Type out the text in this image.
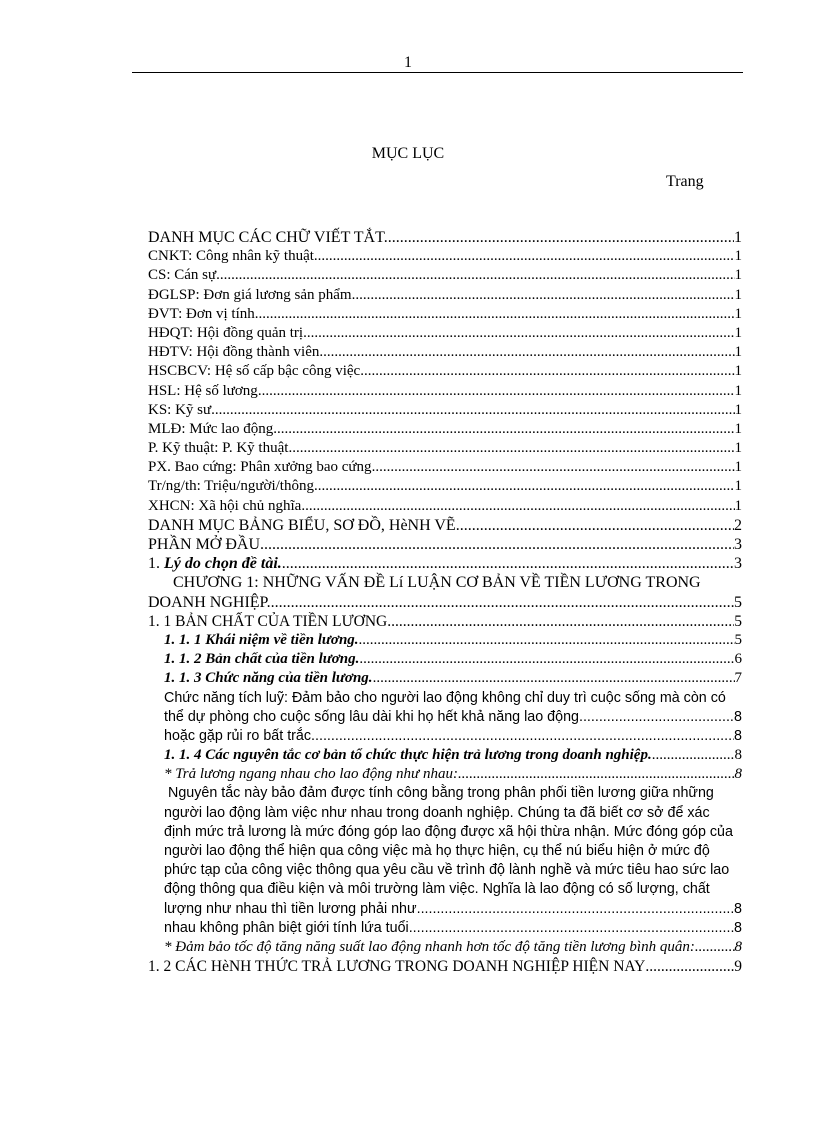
1
MỤC LỤC
Trang
DANH MỤC CÁC CHỮ VIẾT TẮT. .....	1
CNKT: Công nhân kỹ thuật .....	1
CS: Cán sự .....	1
ĐGLSP: Đơn giá lương sản phẩm .....	1
ĐVT: Đơn vị tính .....	1
HĐQT: Hội đồng quản trị .....	1
HĐTV: Hội đồng thành viên .....	1
HSCBCV: Hệ số cấp bậc công việc .....	1
HSL: Hệ số lương .....	1
KS: Kỹ sư .....	1
MLĐ: Mức lao động .....	1
P. Kỹ thuật: P. Kỹ thuật .....	1
PX. Bao cứng: Phân xưởng bao cứng .....	1
Tr/ng/th: Triệu/người/thông. .....	1
XHCN: Xã hội chủ nghĩa .....	1
DANH MỤC BẢNG BIỂU, SƠ ĐỒ, HèNH VẼ. .....	2
PHẦN MỞ ĐẦU .....	3
1. Lý do chọn đề tài. .....	3
CHƯƠNG 1: NHỮNG VẤN ĐỀ Lí LUẬN CƠ BẢN VỀ TIỀN LƯƠNG TRONG
DOANH NGHIỆP. .....	5
1. 1 BẢN CHẤT CỦA TIỀN LƯƠNG .....	5
1. 1. 1 Khái niệm về tiền lương. .....	5
1. 1. 2 Bản chất của tiền lương. .....	6
1. 1. 3 Chức năng của tiền lương. .....	7
Chức năng tích luỹ: Đảm bảo cho người lao động không chỉ duy trì cuộc sống mà còn có
thể dự phòng cho cuộc sống lâu dài khi họ hết khả năng lao động .....	8
hoặc gặp rủi ro bất trắc .....	8
1. 1. 4 Các nguyên tắc cơ bản tổ chức thực hiện trả lương trong doanh nghiệp. .....	8
* Trả lương ngang nhau cho lao động như nhau: .....	8
Nguyên tắc này bảo đảm được tính công bằng trong phân phối tiền lương giữa những
người lao động làm việc như nhau trong doanh nghiệp. Chúng ta đã biết cơ sở để xác
định mức trả lương là mức đóng góp lao động được xã hội thừa nhận. Mức đóng góp của
người lao động thể hiện qua công việc mà họ thực hiện, cụ thể nú biểu hiện ở mức độ
phức tạp của công việc thông qua yêu cầu về trình độ lành nghề và mức tiêu hao sức lao
động thông qua điều kiện và môi trường làm việc. Nghĩa là lao động có số lượng, chất
lượng như nhau thì tiền lương phải như .....	8
nhau không phân biệt giới tính lứa tuổi. .....	8
* Đảm bảo tốc độ tăng năng suất lao động nhanh hơn tốc độ tăng tiền lương bình quân: .....	8
1. 2 CÁC HèNH THỨC TRẢ LƯƠNG TRONG DOANH NGHIỆP HIỆN NAY .....	9
